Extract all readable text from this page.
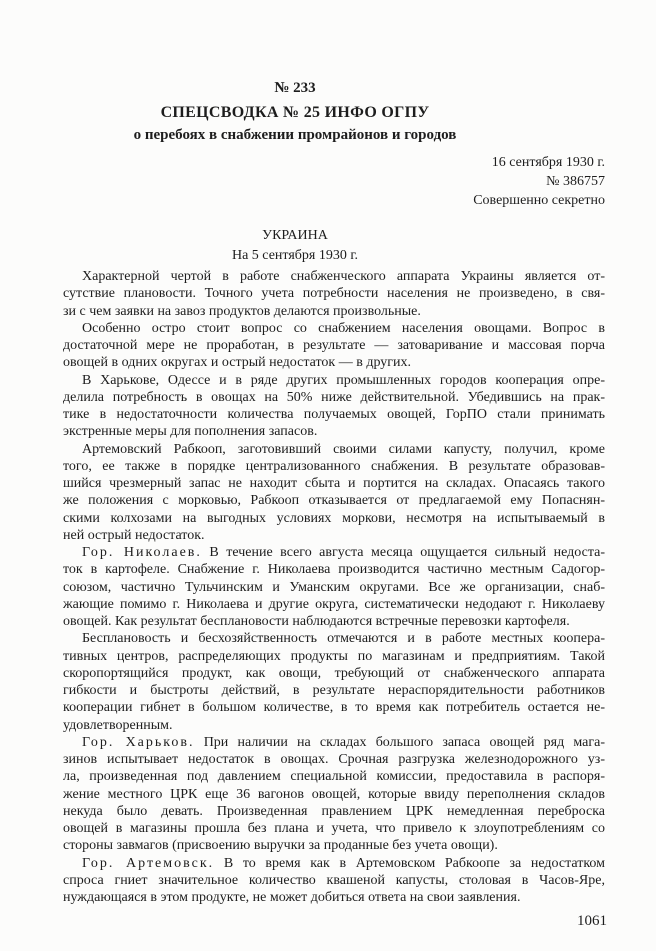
№ 233
СПЕЦСВОДКА № 25 ИНФО ОГПУ
о перебоях в снабжении промрайонов и городов
16 сентября 1930 г.
№ 386757
Совершенно секретно
УКРАИНА
На 5 сентября 1930 г.
Характерной чертой в работе снабженческого аппарата Украины является от-
сутствие плановости. Точного учета потребности населения не произведено, в свя-
зи с чем заявки на завоз продуктов делаются произвольные.
Особенно остро стоит вопрос со снабжением населения овощами. Вопрос в
достаточной мере не проработан, в результате — затоваривание и массовая порча
овощей в одних округах и острый недостаток — в других.
В Харькове, Одессе и в ряде других промышленных городов кооперация опре-
делила потребность в овощах на 50% ниже действительной. Убедившись на прак-
тике в недостаточности количества получаемых овощей, ГорПО стали принимать
экстренные меры для пополнения запасов.
Артемовский Рабкооп, заготовивший своими силами капусту, получил, кроме
того, ее также в порядке централизованного снабжения. В результате образовав-
шийся чрезмерный запас не находит сбыта и портится на складах. Опасаясь такого
же положения с морковью, Рабкооп отказывается от предлагаемой ему Попаснян-
скими колхозами на выгодных условиях моркови, несмотря на испытываемый в
ней острый недостаток.
Гор. Николаев. В течение всего августа месяца ощущается сильный недоста-
ток в картофеле. Снабжение г. Николаева производится частично местным Садогор-
союзом, частично Тульчинским и Уманским округами. Все же организации, снаб-
жающие помимо г. Николаева и другие округа, систематически недодают г. Николаеву
овощей. Как результат бесплановости наблюдаются встречные перевозки картофеля.
Бесплановость и бесхозяйственность отмечаются и в работе местных коопера-
тивных центров, распределяющих продукты по магазинам и предприятиям. Такой
скоропортящийся продукт, как овощи, требующий от снабженческого аппарата
гибкости и быстроты действий, в результате нераспорядительности работников
кооперации гибнет в большом количестве, в то время как потребитель остается не-
удовлетворенным.
Гор. Харьков. При наличии на складах большого запаса овощей ряд мага-
зинов испытывает недостаток в овощах. Срочная разгрузка железнодорожного уз-
ла, произведенная под давлением специальной комиссии, предоставила в распоря-
жение местного ЦРК еще 36 вагонов овощей, которые ввиду переполнения складов
некуда было девать. Произведенная правлением ЦРК немедленная переброска
овощей в магазины прошла без плана и учета, что привело к злоупотреблениям со
стороны завмагов (присвоению выручки за проданные без учета овощи).
Гор. Артемовск. В то время как в Артемовском Рабкоопе за недостатком
спроса гниет значительное количество квашеной капусты, столовая в Часов-Яре,
нуждающаяся в этом продукте, не может добиться ответа на свои заявления.
1061
